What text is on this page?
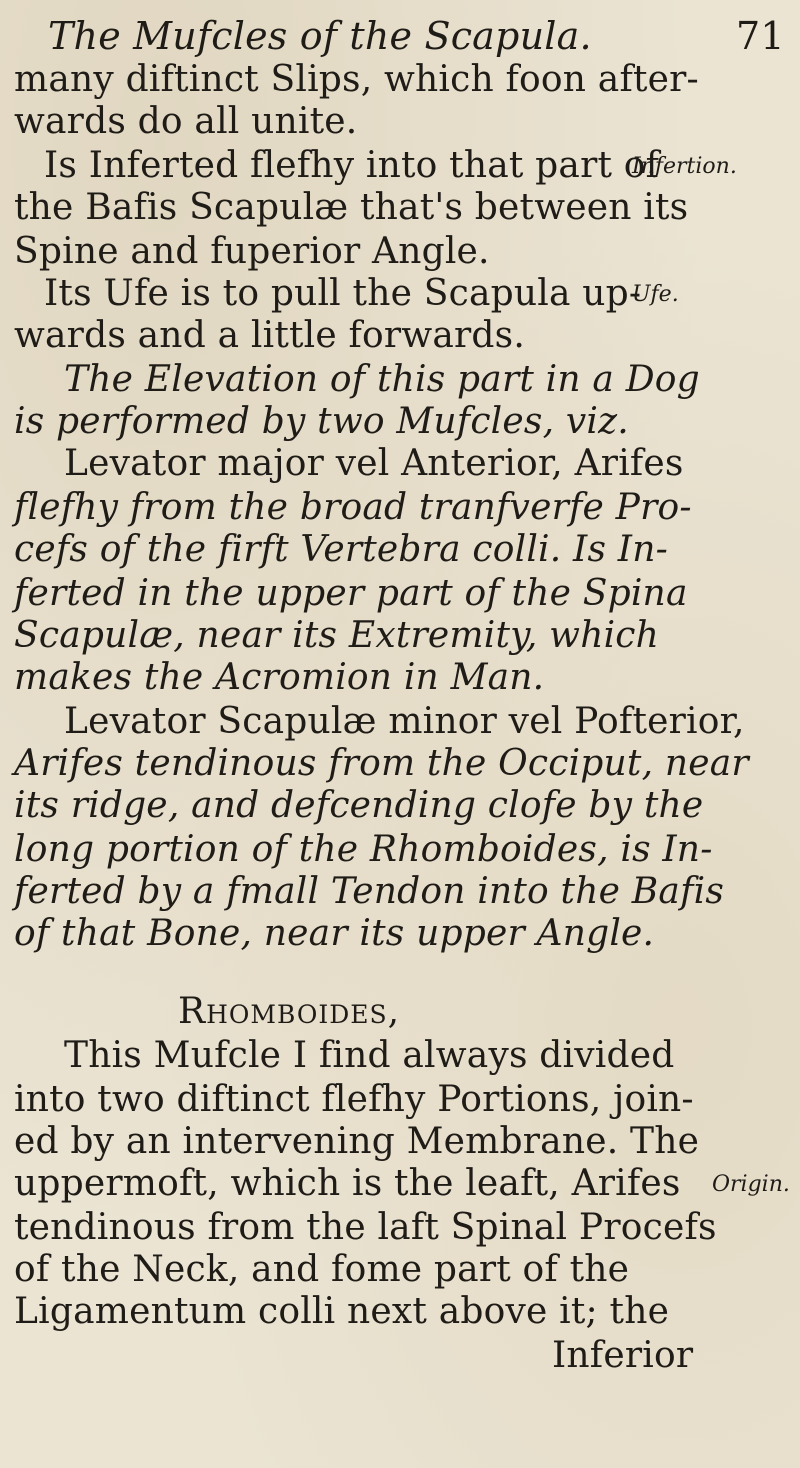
The Mufcles of the Scapula.	71
many diftinct Slips, which foon after-
wards do all unite.
Is Inferted flefhy into that part of
Infertion.
the Bafis Scapulæ that's between its
Spine and fuperior Angle.
Its Ufe is to pull the Scapula up-
Ufe.
wards and a little forwards.
The Elevation of this part in a Dog
is performed by two Mufcles, viz.
Levator major vel Anterior, Arifes
flefhy from the broad tranfverfe Pro-
cefs of the firft Vertebra colli. Is In-
ferted in the upper part of the Spina
Scapulæ, near its Extremity, which
makes the Acromion in Man.
Levator Scapulæ minor vel Pofterior,
Arifes tendinous from the Occiput, near
its ridge, and defcending clofe by the
long portion of the Rhomboides, is In-
ferted by a fmall Tendon into the Bafis
of that Bone, near its upper Angle.
Rhomboides,
This Mufcle I find always divided
into two diftinct flefhy Portions, join-
ed by an intervening Membrane. The
uppermoft, which is the leaft, Arifes Origin.
tendinous from the laft Spinal Procefs
of the Neck, and fome part of the
Ligamentum colli next above it; the
Inferior
